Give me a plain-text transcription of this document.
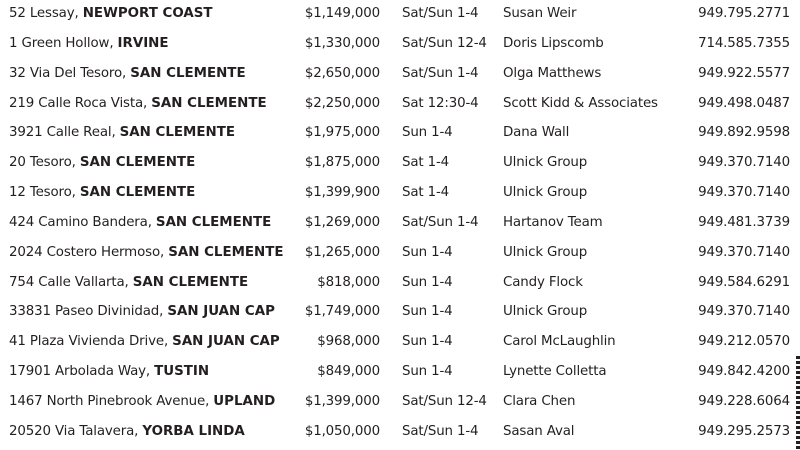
52 Lessay, NEWPORT COAST	$1,149,000 Sat/Sun 1-4 Susan Weir	949.795.2771
1 Green Hollow, IRVINE	$1,330,000 Sat/Sun 12-4 Doris Lipscomb	714.585.7355
32 Via Del Tesoro, SAN CLEMENTE	$2,650,000 Sat/Sun 1-4 Olga Matthews	949.922.5577
219 Calle Roca Vista, SAN CLEMENTE	$2,250,000 Sat 12:30-4 Scott Kidd & Associates	949.498.0487
3921 Calle Real, SAN CLEMENTE	$1,975,000 Sun 1-4	Dana Wall	949.892.9598
20 Tesoro, SAN CLEMENTE	$1,875,000 Sat 1-4	Ulnick Group	949.370.7140
12 Tesoro, SAN CLEMENTE	$1,399,900 Sat 1-4	Ulnick Group	949.370.7140
424 Camino Bandera, SAN CLEMENTE	$1,269,000 Sat/Sun 1-4 Hartanov Team	949.481.3739
2024 Costero Hermoso, SAN CLEMENTE	$1,265,000 Sun 1-4	Ulnick Group	949.370.7140
754 Calle Vallarta, SAN CLEMENTE	$818,000 Sun 1-4	Candy Flock	949.584.6291
33831 Paseo Divinidad, SAN JUAN CAP	$1,749,000 Sun 1-4	Ulnick Group	949.370.7140
41 Plaza Vivienda Drive, SAN JUAN CAP	$968,000 Sun 1-4	Carol McLaughlin	949.212.0570
17901 Arbolada Way, TUSTIN	$849,000 Sun 1-4	Lynette Colletta	949.842.4200
1467 North Pinebrook Avenue, UPLAND	$1,399,000 Sat/Sun 12-4 Clara Chen	949.228.6064
20520 Via Talavera, YORBA LINDA	$1,050,000 Sat/Sun 1-4 Sasan Aval	949.295.2573
